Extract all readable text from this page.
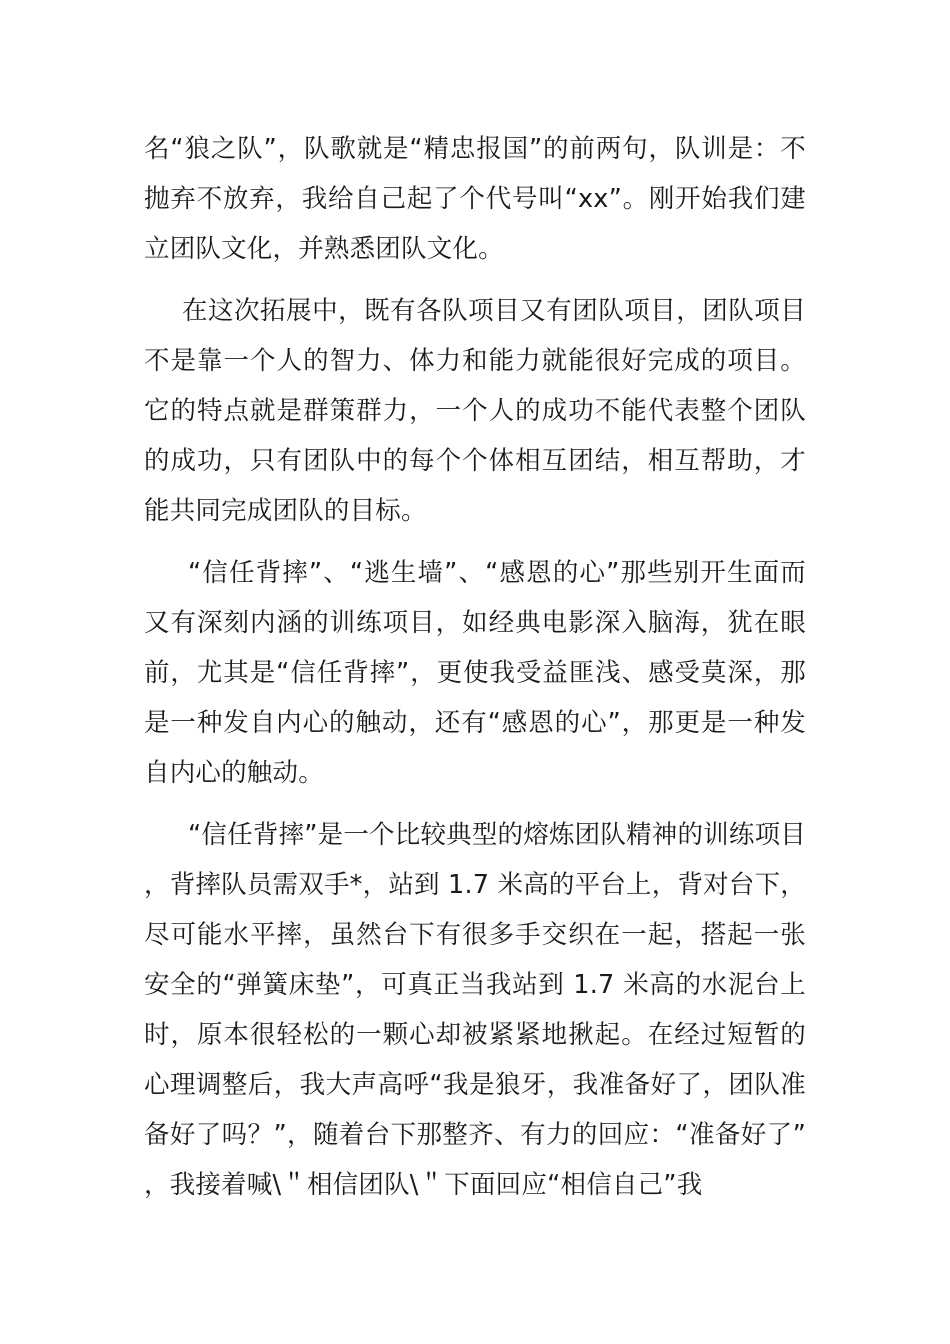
名“狼之队”，队歌就是“精忠报国”的前两句，队训是：不抛弃不放弃，我给自己起了个代号叫“xx”。刚开始我们建立团队文化，并熟悉团队文化。

在这次拓展中，既有各队项目又有团队项目，团队项目不是靠一个人的智力、体力和能力就能很好完成的项目。它的特点就是群策群力，一个人的成功不能代表整个团队的成功，只有团队中的每个个体相互团结，相互帮助，才能共同完成团队的目标。

“信任背摔”、“逃生墙”、“感恩的心”那些别开生面而又有深刻内涵的训练项目，如经典电影深入脑海，犹在眼前，尤其是“信任背摔”，更使我受益匪浅、感受莫深，那是一种发自内心的触动，还有“感恩的心”，那更是一种发自内心的触动。

“信任背摔”是一个比较典型的熔炼团队精神的训练项目，背摔队员需双手*，站到 1.7 米高的平台上，背对台下，尽可能水平摔，虽然台下有很多手交织在一起，搭起一张安全的“弹簧床垫”，可真正当我站到 1.7 米高的水泥台上时，原本很轻松的一颗心却被紧紧地揪起。在经过短暂的心理调整后，我大声高呼“我是狼牙，我准备好了，团队准备好了吗？”，随着台下那整齐、有力的回应：“准备好了”，我接着喊\＂相信团队\＂下面回应“相信自己”我
